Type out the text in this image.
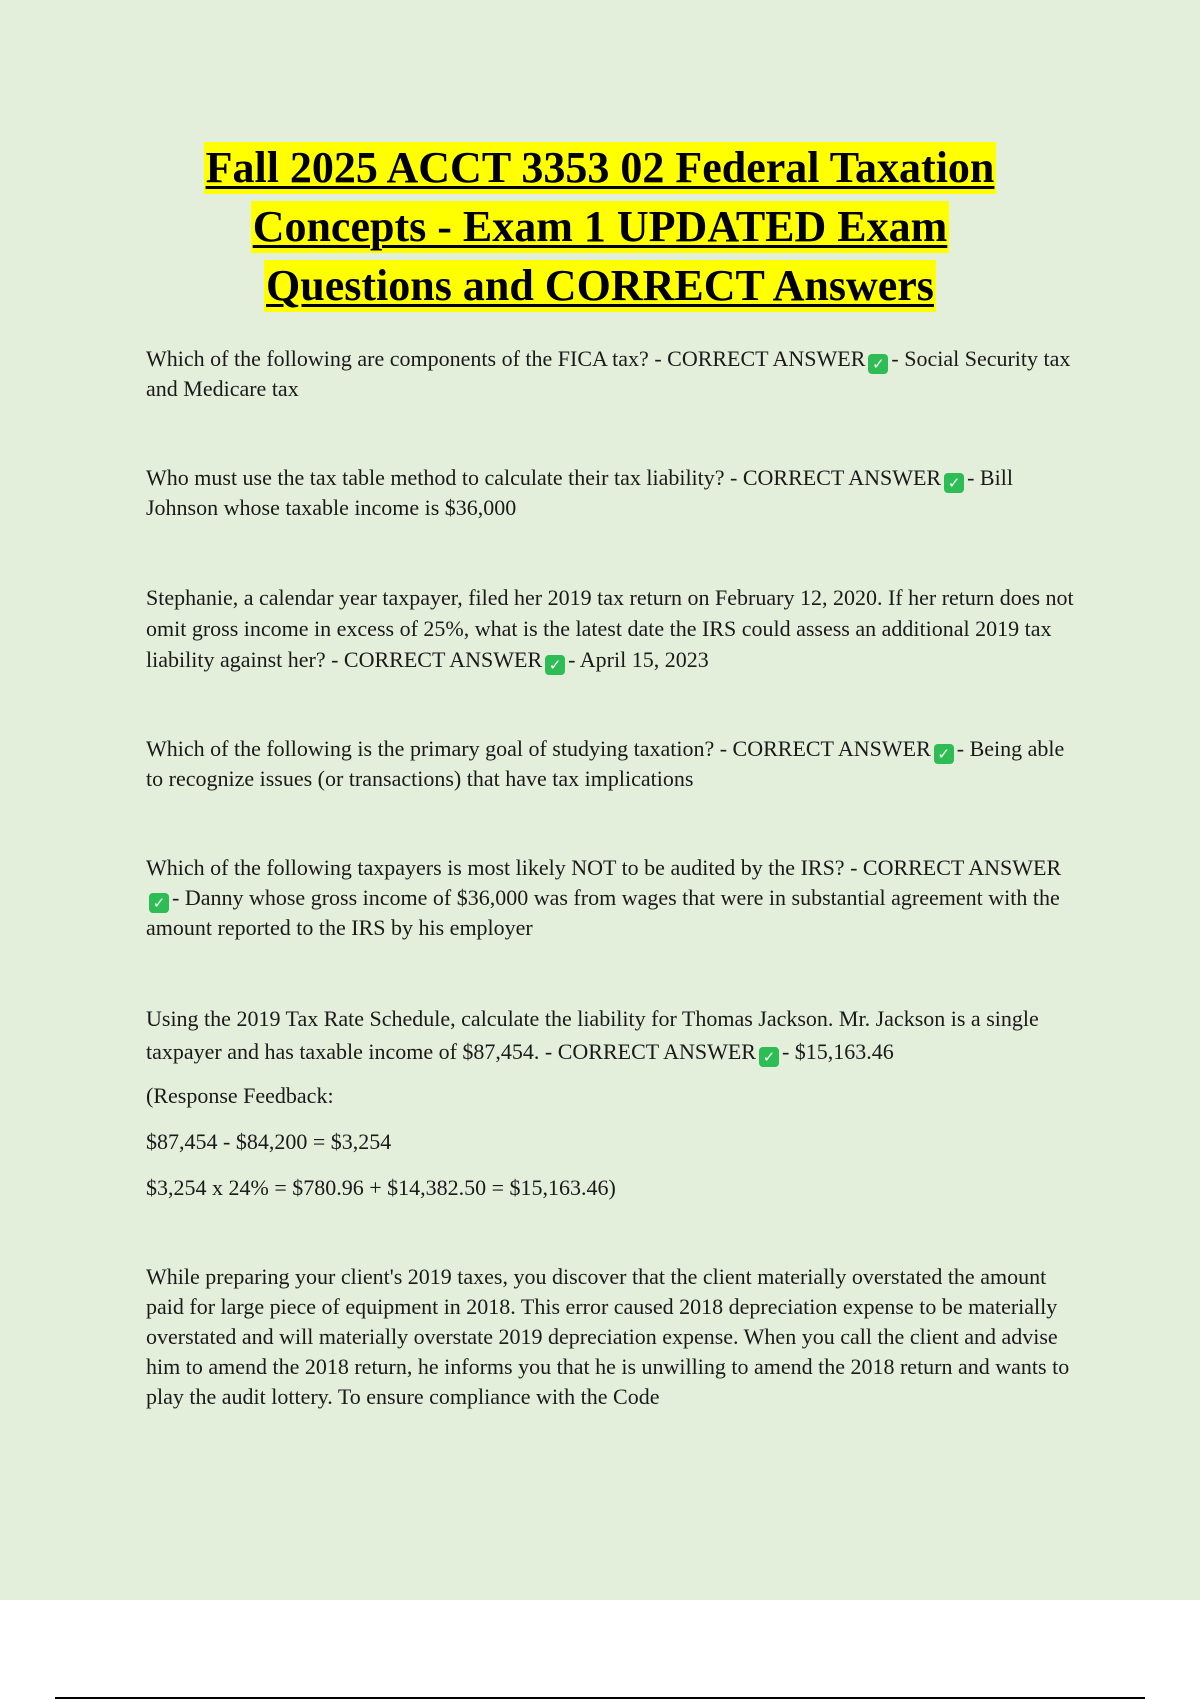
Fall 2025 ACCT 3353 02 Federal Taxation
Concepts - Exam 1 UPDATED Exam
Questions and CORRECT Answers

Which of the following are components of the FICA tax? - CORRECT ANSWER ✓ - Social Security tax and Medicare tax

Who must use the tax table method to calculate their tax liability? - CORRECT ANSWER ✓ - Bill Johnson whose taxable income is $36,000

Stephanie, a calendar year taxpayer, filed her 2019 tax return on February 12, 2020. If her return does not omit gross income in excess of 25%, what is the latest date the IRS could assess an additional 2019 tax liability against her? - CORRECT ANSWER ✓ - April 15, 2023

Which of the following is the primary goal of studying taxation? - CORRECT ANSWER ✓ - Being able to recognize issues (or transactions) that have tax implications

Which of the following taxpayers is most likely NOT to be audited by the IRS? - CORRECT ANSWER✓ - Danny whose gross income of $36,000 was from wages that were in substantial agreement with the amount reported to the IRS by his employer

Using the 2019 Tax Rate Schedule, calculate the liability for Thomas Jackson. Mr. Jackson is a single taxpayer and has taxable income of $87,454. - CORRECT ANSWER ✓ - $15,163.46

(Response Feedback:

$87,454 - $84,200 = $3,254

$3,254 x 24% = $780.96 + $14,382.50 = $15,163.46)

While preparing your client's 2019 taxes, you discover that the client materially overstated the amount paid for large piece of equipment in 2018. This error caused 2018 depreciation expense to be materially overstated and will materially overstate 2019 depreciation expense. When you call the client and advise him to amend the 2018 return, he informs you that he is unwilling to amend the 2018 return and wants to play the audit lottery. To ensure compliance with the Code
